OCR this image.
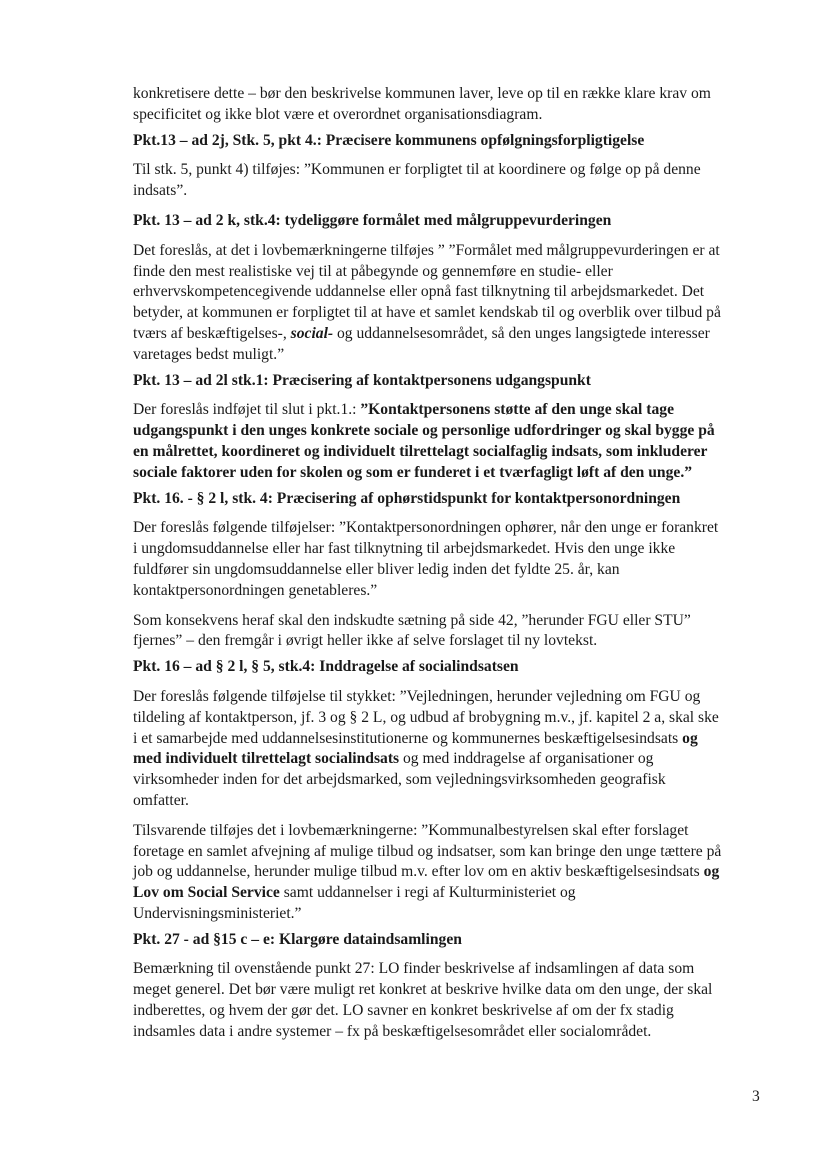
konkretisere dette – bør den beskrivelse kommunen laver, leve op til en række klare krav om specificitet og ikke blot være et overordnet organisationsdiagram.

Pkt.13 – ad 2j, Stk. 5, pkt 4.: Præcisere kommunens opfølgningsforpligtigelse

Til stk. 5, punkt 4) tilføjes: ”Kommunen er forpligtet til at koordinere og følge op på denne indsats”.

Pkt. 13 – ad 2 k, stk.4: tydeliggøre formålet med målgruppevurderingen

Det foreslås, at det i lovbemærkningerne tilføjes ” ”Formålet med målgruppevurderingen er at finde den mest realistiske vej til at påbegynde og gennemføre en studie- eller erhvervskompetencegivende uddannelse eller opnå fast tilknytning til arbejdsmarkedet. Det betyder, at kommunen er forpligtet til at have et samlet kendskab til og overblik over tilbud på tværs af beskæftigelses-, social- og uddannelsesområdet, så den unges langsigtede interesser varetages bedst muligt.”

Pkt. 13 – ad 2l stk.1: Præcisering af kontaktpersonens udgangspunkt

Der foreslås indføjet til slut i pkt.1.: ”Kontaktpersonens støtte af den unge skal tage udgangspunkt i den unges konkrete sociale og personlige udfordringer og skal bygge på en målrettet, koordineret og individuelt tilrettelagt socialfaglig indsats, som inkluderer sociale faktorer uden for skolen og som er funderet i et tværfagligt løft af den unge.”

Pkt. 16. - § 2 l, stk. 4: Præcisering af ophørstidspunkt for kontaktpersonordningen

Der foreslås følgende tilføjelser: ”Kontaktpersonordningen ophører, når den unge er forankret i ungdomsuddannelse eller har fast tilknytning til arbejdsmarkedet. Hvis den unge ikke fuldfører sin ungdomsuddannelse eller bliver ledig inden det fyldte 25. år, kan kontaktpersonordningen genetableres.”

Som konsekvens heraf skal den indskudte sætning på side 42, ”herunder FGU eller STU” fjernes” – den fremgår i øvrigt heller ikke af selve forslaget til ny lovtekst.

Pkt. 16 – ad § 2 l, § 5, stk.4: Inddragelse af socialindsatsen

Der foreslås følgende tilføjelse til stykket: ”Vejledningen, herunder vejledning om FGU og tildeling af kontaktperson, jf. 3 og § 2 L, og udbud af brobygning m.v., jf. kapitel 2 a, skal ske i et samarbejde med uddannelsesinstitutionerne og kommunernes beskæftigelsesindsats og med individuelt tilrettelagt socialindsats og med inddragelse af organisationer og virksomheder inden for det arbejdsmarked, som vejledningsvirksomheden geografisk omfatter.

Tilsvarende tilføjes det i lovbemærkningerne: ”Kommunalbestyrelsen skal efter forslaget foretage en samlet afvejning af mulige tilbud og indsatser, som kan bringe den unge tættere på job og uddannelse, herunder mulige tilbud m.v. efter lov om en aktiv beskæftigelsesindsats og Lov om Social Service samt uddannelser i regi af Kulturministeriet og Undervisningsministeriet.”

Pkt. 27 - ad §15 c – e: Klargøre dataindsamlingen

Bemærkning til ovenstående punkt 27: LO finder beskrivelse af indsamlingen af data som meget generel. Det bør være muligt ret konkret at beskrive hvilke data om den unge, der skal indberettes, og hvem der gør det. LO savner en konkret beskrivelse af om der fx stadig indsamles data i andre systemer – fx på beskæftigelsesområdet eller socialområdet.

3
